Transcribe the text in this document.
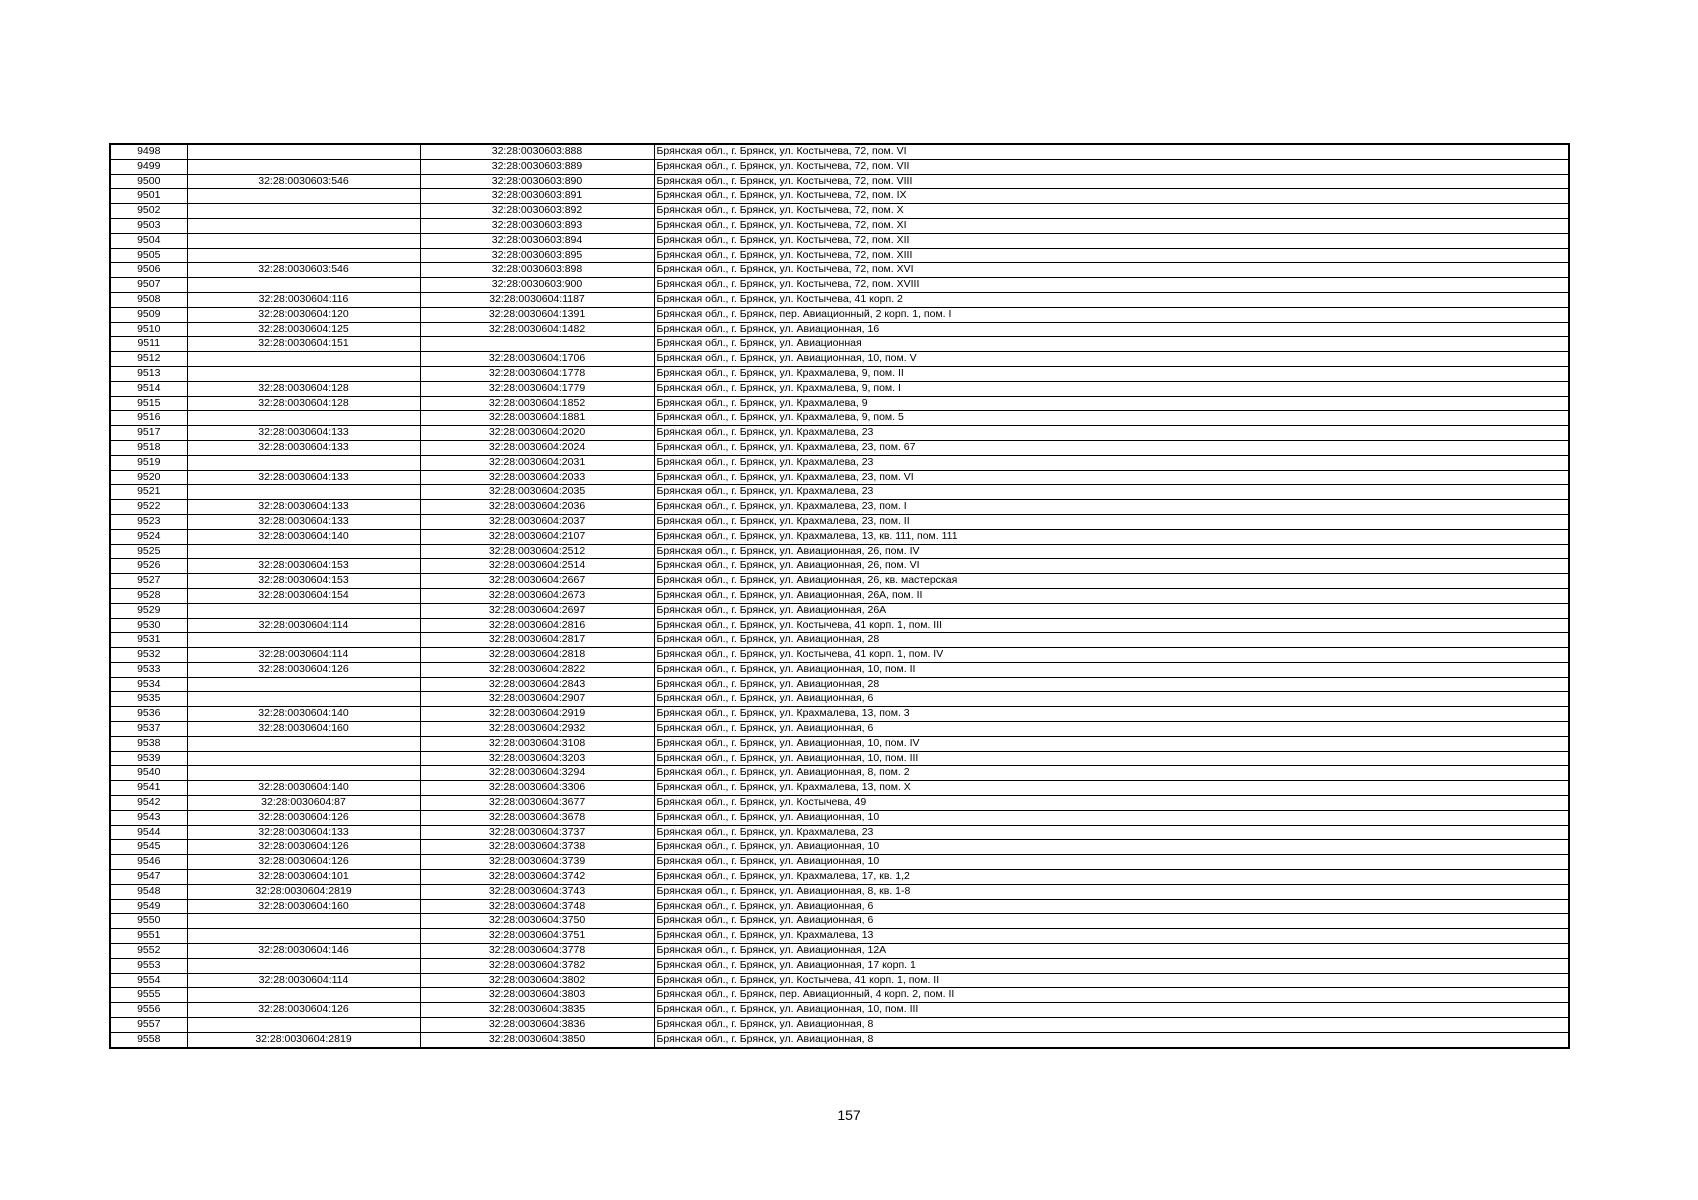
9498		32:28:0030603:888	Брянская обл., г. Брянск, ул. Костычева, 72, пом. VI
9499		32:28:0030603:889	Брянская обл., г. Брянск, ул. Костычева, 72, пом. VII
9500	32:28:0030603:546	32:28:0030603:890	Брянская обл., г. Брянск, ул. Костычева, 72, пом. VIII
9501		32:28:0030603:891	Брянская обл., г. Брянск, ул. Костычева, 72, пом. IX
9502		32:28:0030603:892	Брянская обл., г. Брянск, ул. Костычева, 72, пом. X
9503		32:28:0030603:893	Брянская обл., г. Брянск, ул. Костычева, 72, пом. XI
9504		32:28:0030603:894	Брянская обл., г. Брянск, ул. Костычева, 72, пом. XII
9505		32:28:0030603:895	Брянская обл., г. Брянск, ул. Костычева, 72, пом. XIII
9506	32:28:0030603:546	32:28:0030603:898	Брянская обл., г. Брянск, ул. Костычева, 72, пом. XVI
9507		32:28:0030603:900	Брянская обл., г. Брянск, ул. Костычева, 72, пом. XVIII
9508	32:28:0030604:116	32:28:0030604:1187	Брянская обл., г. Брянск, ул. Костычева, 41 корп. 2
9509	32:28:0030604:120	32:28:0030604:1391	Брянская обл., г. Брянск, пер. Авиационный, 2 корп. 1, пом. I
9510	32:28:0030604:125	32:28:0030604:1482	Брянская обл., г. Брянск, ул. Авиационная, 16
9511	32:28:0030604:151		Брянская обл., г. Брянск, ул. Авиационная
9512		32:28:0030604:1706	Брянская обл., г. Брянск, ул. Авиационная, 10, пом. V
9513		32:28:0030604:1778	Брянская обл., г. Брянск, ул. Крахмалева, 9, пом. II
9514	32:28:0030604:128	32:28:0030604:1779	Брянская обл., г. Брянск, ул. Крахмалева, 9, пом. I
9515	32:28:0030604:128	32:28:0030604:1852	Брянская обл., г. Брянск, ул. Крахмалева, 9
9516		32:28:0030604:1881	Брянская обл., г. Брянск, ул. Крахмалева, 9, пом. 5
9517	32:28:0030604:133	32:28:0030604:2020	Брянская обл., г. Брянск, ул. Крахмалева, 23
9518	32:28:0030604:133	32:28:0030604:2024	Брянская обл., г. Брянск, ул. Крахмалева, 23, пом. 67
9519		32:28:0030604:2031	Брянская обл., г. Брянск, ул. Крахмалева, 23
9520	32:28:0030604:133	32:28:0030604:2033	Брянская обл., г. Брянск, ул. Крахмалева, 23, пом. VI
9521		32:28:0030604:2035	Брянская обл., г. Брянск, ул. Крахмалева, 23
9522	32:28:0030604:133	32:28:0030604:2036	Брянская обл., г. Брянск, ул. Крахмалева, 23, пом. I
9523	32:28:0030604:133	32:28:0030604:2037	Брянская обл., г. Брянск, ул. Крахмалева, 23, пом. II
9524	32:28:0030604:140	32:28:0030604:2107	Брянская обл., г. Брянск, ул. Крахмалева, 13, кв. 111, пом. 111
9525		32:28:0030604:2512	Брянская обл., г. Брянск, ул. Авиационная, 26, пом. IV
9526	32:28:0030604:153	32:28:0030604:2514	Брянская обл., г. Брянск, ул. Авиационная, 26, пом. VI
9527	32:28:0030604:153	32:28:0030604:2667	Брянская обл., г. Брянск, ул. Авиационная, 26, кв. мастерская
9528	32:28:0030604:154	32:28:0030604:2673	Брянская обл., г. Брянск, ул. Авиационная, 26А, пом. II
9529		32:28:0030604:2697	Брянская обл., г. Брянск, ул. Авиационная, 26А
9530	32:28:0030604:114	32:28:0030604:2816	Брянская обл., г. Брянск, ул. Костычева, 41 корп. 1, пом. III
9531		32:28:0030604:2817	Брянская обл., г. Брянск, ул. Авиационная, 28
9532	32:28:0030604:114	32:28:0030604:2818	Брянская обл., г. Брянск, ул. Костычева, 41 корп. 1, пом. IV
9533	32:28:0030604:126	32:28:0030604:2822	Брянская обл., г. Брянск, ул. Авиационная, 10, пом. II
9534		32:28:0030604:2843	Брянская обл., г. Брянск, ул. Авиационная, 28
9535		32:28:0030604:2907	Брянская обл., г. Брянск, ул. Авиационная, 6
9536	32:28:0030604:140	32:28:0030604:2919	Брянская обл., г. Брянск, ул. Крахмалева, 13, пом. 3
9537	32:28:0030604:160	32:28:0030604:2932	Брянская обл., г. Брянск, ул. Авиационная, 6
9538		32:28:0030604:3108	Брянская обл., г. Брянск, ул. Авиационная, 10, пом. IV
9539		32:28:0030604:3203	Брянская обл., г. Брянск, ул. Авиационная, 10, пом. III
9540		32:28:0030604:3294	Брянская обл., г. Брянск, ул. Авиационная, 8, пом. 2
9541	32:28:0030604:140	32:28:0030604:3306	Брянская обл., г. Брянск, ул. Крахмалева, 13, пом. X
9542	32:28:0030604:87	32:28:0030604:3677	Брянская обл., г. Брянск, ул. Костычева, 49
9543	32:28:0030604:126	32:28:0030604:3678	Брянская обл., г. Брянск, ул. Авиационная, 10
9544	32:28:0030604:133	32:28:0030604:3737	Брянская обл., г. Брянск, ул. Крахмалева, 23
9545	32:28:0030604:126	32:28:0030604:3738	Брянская обл., г. Брянск, ул. Авиационная, 10
9546	32:28:0030604:126	32:28:0030604:3739	Брянская обл., г. Брянск, ул. Авиационная, 10
9547	32:28:0030604:101	32:28:0030604:3742	Брянская обл., г. Брянск, ул. Крахмалева, 17, кв. 1,2
9548	32:28:0030604:2819	32:28:0030604:3743	Брянская обл., г. Брянск, ул. Авиационная, 8, кв. 1-8
9549	32:28:0030604:160	32:28:0030604:3748	Брянская обл., г. Брянск, ул. Авиационная, 6
9550		32:28:0030604:3750	Брянская обл., г. Брянск, ул. Авиационная, 6
9551		32:28:0030604:3751	Брянская обл., г. Брянск, ул. Крахмалева, 13
9552	32:28:0030604:146	32:28:0030604:3778	Брянская обл., г. Брянск, ул. Авиационная, 12А
9553		32:28:0030604:3782	Брянская обл., г. Брянск, ул. Авиационная, 17 корп. 1
9554	32:28:0030604:114	32:28:0030604:3802	Брянская обл., г. Брянск, ул. Костычева, 41 корп. 1, пом. II
9555		32:28:0030604:3803	Брянская обл., г. Брянск, пер. Авиационный, 4 корп. 2, пом. II
9556	32:28:0030604:126	32:28:0030604:3835	Брянская обл., г. Брянск, ул. Авиационная, 10, пом. III
9557		32:28:0030604:3836	Брянская обл., г. Брянск, ул. Авиационная, 8
9558	32:28:0030604:2819	32:28:0030604:3850	Брянская обл., г. Брянск, ул. Авиационная, 8
157
